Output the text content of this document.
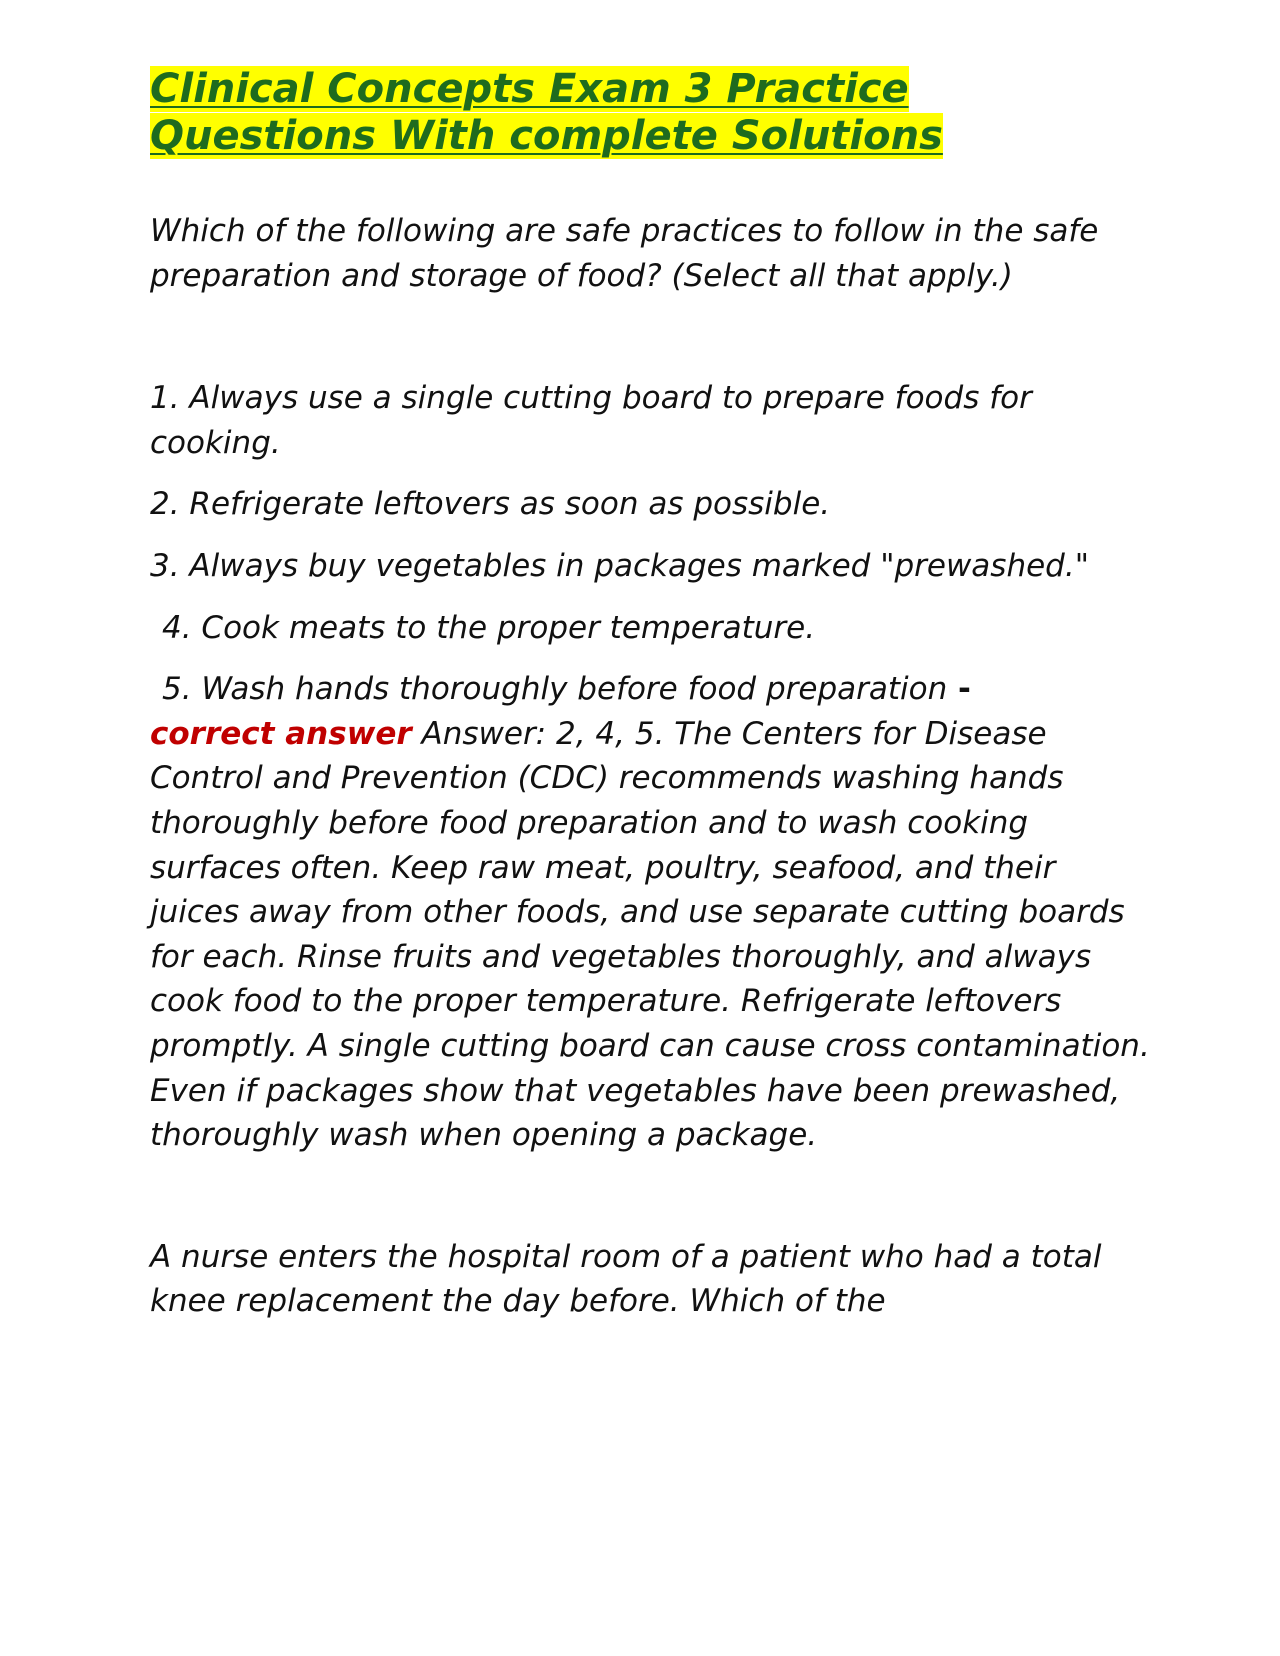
Clinical Concepts Exam 3 Practice
Questions With complete Solutions

Which of the following are safe practices to follow in the safe preparation and storage of food? (Select all that apply.)

1. Always use a single cutting board to prepare foods for cooking.

2. Refrigerate leftovers as soon as possible.

3. Always buy vegetables in packages marked "prewashed."

4. Cook meats to the proper temperature.

5. Wash hands thoroughly before food preparation -
correct answer Answer: 2, 4, 5. The Centers for Disease Control and Prevention (CDC) recommends washing hands thoroughly before food preparation and to wash cooking surfaces often. Keep raw meat, poultry, seafood, and their juices away from other foods, and use separate cutting boards for each. Rinse fruits and vegetables thoroughly, and always cook food to the proper temperature. Refrigerate leftovers promptly. A single cutting board can cause cross contamination. Even if packages show that vegetables have been prewashed, thoroughly wash when opening a package.

A nurse enters the hospital room of a patient who had a total knee replacement the day before. Which of the
